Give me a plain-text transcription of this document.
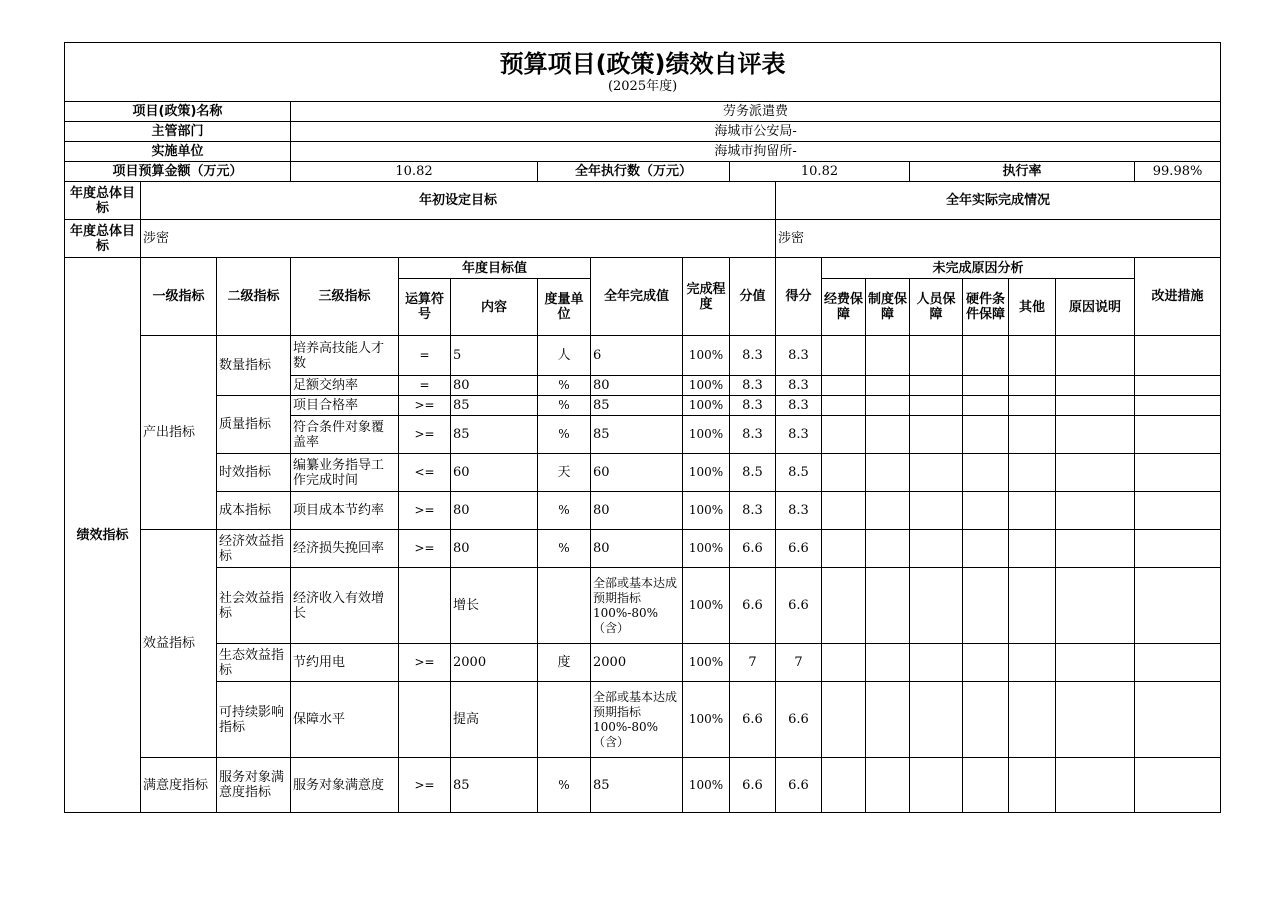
预算项目(政策)绩效自评表
(2025年度)																	

项目(政策)名称			劳务派遣费														
主管部门			海城市公安局-														
实施单位			海城市拘留所-														
项目预算金额（万元）			10.82			全年执行数（万元）			10.82				执行率				99.98%
年度总体目标	年初设定目标									全年实际完成情况							
年度总体目标	涉密									涉密							
绩效指标	一级指标	二级指标	三级指标	年度目标值			全年完成值	完成程度	分值	得分	未完成原因分析						改进措施
				运算符号	内容	度量单位					经费保障	制度保障	人员保障	硬件条件保障	其他	原因说明	
	产出指标	数量指标	培养高技能人才数	=	5	人	6	100%	8.3	8.3							
			足额交纳率	=	80	%	80	100%	8.3	8.3							
		质量指标	项目合格率	>=	85	%	85	100%	8.3	8.3							
			符合条件对象覆盖率	>=	85	%	85	100%	8.3	8.3							
		时效指标	编纂业务指导工作完成时间	<=	60	天	60	100%	8.5	8.5							
		成本指标	项目成本节约率	>=	80	%	80	100%	8.3	8.3							

	效益指标	经济效益指标	经济损失挽回率	>=	80	%	80	100%	6.6	6.6							
		社会效益指标	经济收入有效增长		增长		全部或基本达成预期指标100%-80%（含）	100%	6.6	6.6							
		生态效益指标	节约用电	>=	2000	度	2000	100%	7	7							
		可持续影响指标	保障水平		提高		全部或基本达成预期指标100%-80%（含）	100%	6.6	6.6							

	满意度指标	服务对象满意度指标	服务对象满意度	>=	85	%	85	100%	6.6	6.6							
